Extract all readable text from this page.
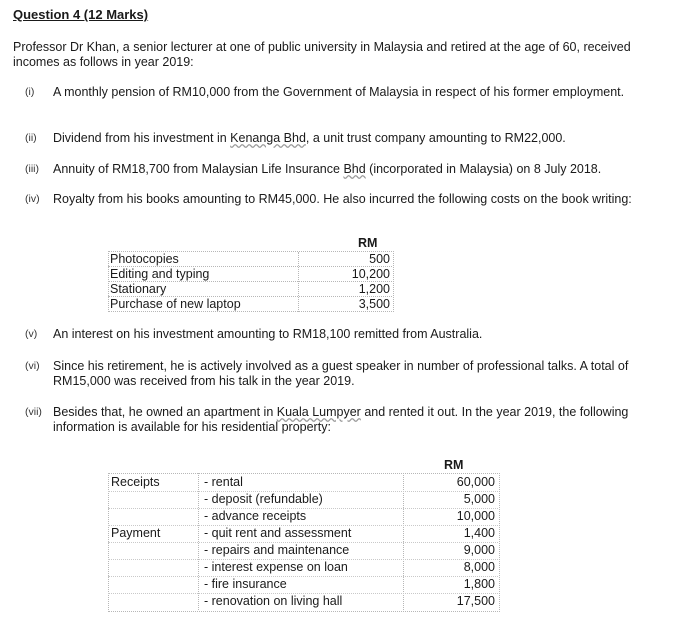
Question 4 (12 Marks)
Professor Dr Khan, a senior lecturer at one of public university in Malaysia and retired at the age of 60, received incomes as follows in year 2019:
(i) A monthly pension of RM10,000 from the Government of Malaysia in respect of his former employment.
(ii) Dividend from his investment in Kenanga Bhd, a unit trust company amounting to RM22,000.
(iii) Annuity of RM18,700 from Malaysian Life Insurance Bhd (incorporated in Malaysia) on 8 July 2018.
(iv) Royalty from his books amounting to RM45,000. He also incurred the following costs on the book writing:
RM
Photocopies	500
Editing and typing	10,200
Stationary	1,200
Purchase of new laptop	3,500
(v) An interest on his investment amounting to RM18,100 remitted from Australia.
(vi) Since his retirement, he is actively involved as a guest speaker in number of professional talks. A total of RM15,000 was received from his talk in the year 2019.
(vii) Besides that, he owned an apartment in Kuala Lumpyer and rented it out. In the year 2019, the following information is available for his residential property:
RM
Receipts	- rental	60,000
- deposit (refundable)	5,000
- advance receipts	10,000
Payment	- quit rent and assessment	1,400
- repairs and maintenance	9,000
- interest expense on loan	8,000
- fire insurance	1,800
- renovation on living hall	17,500
